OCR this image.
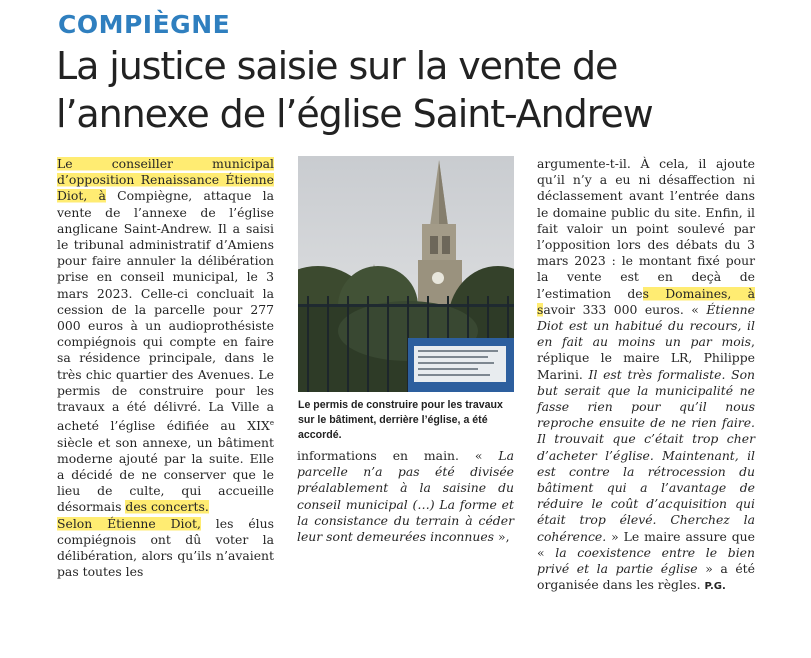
COMPIÈGNE
La justice saisie sur la vente de l’annexe de l’église Saint-Andrew

Le conseiller municipal d’opposition Renaissance Étienne Diot, à Compiègne, attaque la vente de l’annexe de l’église anglicane Saint-Andrew. Il a saisi le tribunal administratif d’Amiens pour faire annuler la délibération prise en conseil municipal, le 3 mars 2023. Celle-ci concluait la cession de la parcelle pour 277 000 euros à un audioprothésiste compiégnois qui compte en faire sa résidence principale, dans le très chic quartier des Avenues. Le permis de construire pour les travaux a été délivré. La Ville a acheté l’église édifiée au XIXe siècle et son annexe, un bâtiment moderne ajouté par la suite. Elle a décidé de ne conserver que le lieu de culte, qui accueille désormais des concerts.

Selon Étienne Diot, les élus compiégnois ont dû voter la délibération, alors qu’ils n’avaient pas toutes les

Le permis de construire pour les travaux sur le bâtiment, derrière l’église, a été accordé.

informations en main. « La parcelle n’a pas été divisée préalablement à la saisine du conseil municipal (…) La forme et la consistance du terrain à céder leur sont demeurées inconnues »,

argumente-t-il. À cela, il ajoute qu’il n’y a eu ni désaffection ni déclassement avant l’entrée dans le domaine public du site. Enfin, il fait valoir un point soulevé par l’opposition lors des débats du 3 mars 2023 : le montant fixé pour la vente est en deçà de l’estimation des Domaines, à savoir 333 000 euros. « Étienne Diot est un habitué du recours, il en fait au moins un par mois, réplique le maire LR, Philippe Marini. Il est très formaliste. Son but serait que la municipalité ne fasse rien pour qu’il nous reproche ensuite de ne rien faire. Il trouvait que c’était trop cher d’acheter l’église. Maintenant, il est contre la rétrocession du bâtiment qui a l’avantage de réduire le coût d’acquisition qui était trop élevé. Cherchez la cohérence. » Le maire assure que « la coexistence entre le bien privé et la partie église » a été organisée dans les règles. P.G.
